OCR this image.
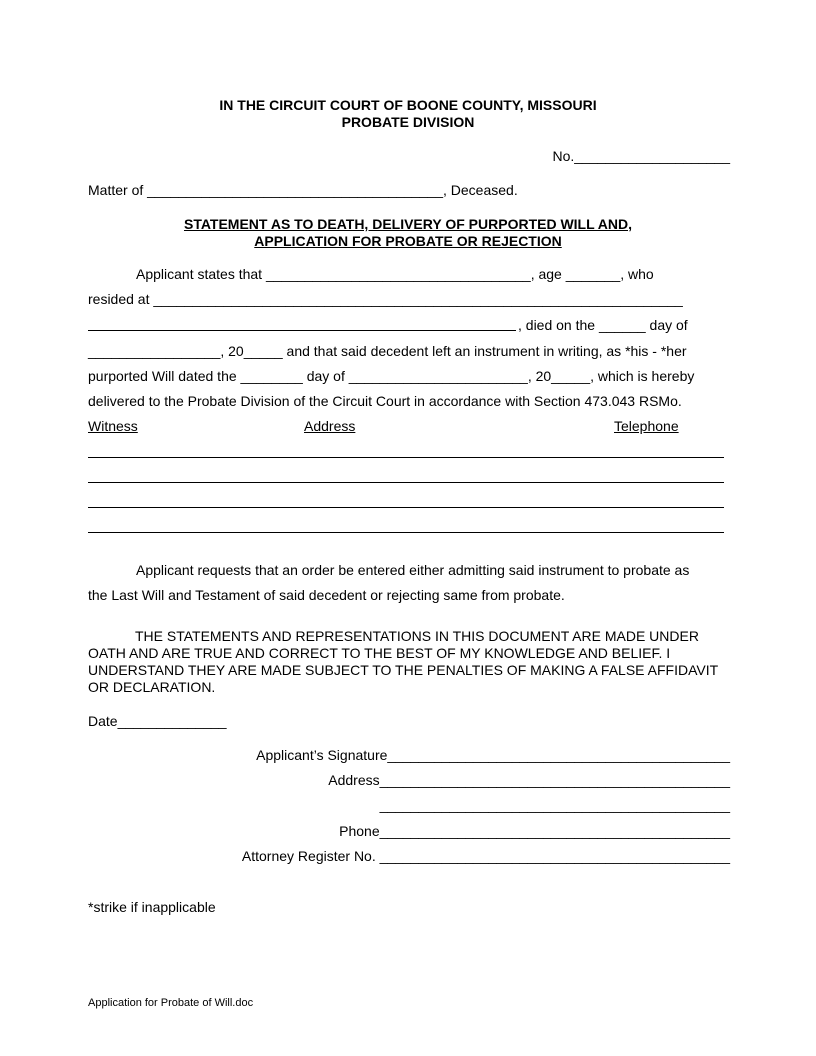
IN THE CIRCUIT COURT OF BOONE COUNTY, MISSOURI
PROBATE DIVISION
No.____________________
Matter of ______________________________________, Deceased.
STATEMENT AS TO DEATH, DELIVERY OF PURPORTED WILL AND,
APPLICATION FOR PROBATE OR REJECTION
Applicant states that __________________________________, age _______, who
resided at ____________________________________________________________________
, died on the ______ day of
_________________, 20_____ and that said decedent left an instrument in writing, as *his - *her
purported Will dated the ________ day of _______________________, 20_____, which is hereby
delivered to the Probate Division of the Circuit Court in accordance with Section 473.043 RSMo.
Witness	Address	Telephone
Applicant requests that an order be entered either admitting said instrument to probate as
the Last Will and Testament of said decedent or rejecting same from probate.
THE STATEMENTS AND REPRESENTATIONS IN THIS DOCUMENT ARE MADE UNDER OATH AND ARE TRUE AND CORRECT TO THE BEST OF MY KNOWLEDGE AND BELIEF. I UNDERSTAND THEY ARE MADE SUBJECT TO THE PENALTIES OF MAKING A FALSE AFFIDAVIT OR DECLARATION.
Date______________
Applicant’s Signature____________________________________________
Address_____________________________________________
_____________________________________________
Phone_____________________________________________
Attorney Register No. _____________________________________________
*strike if inapplicable
Application for Probate of Will.doc
